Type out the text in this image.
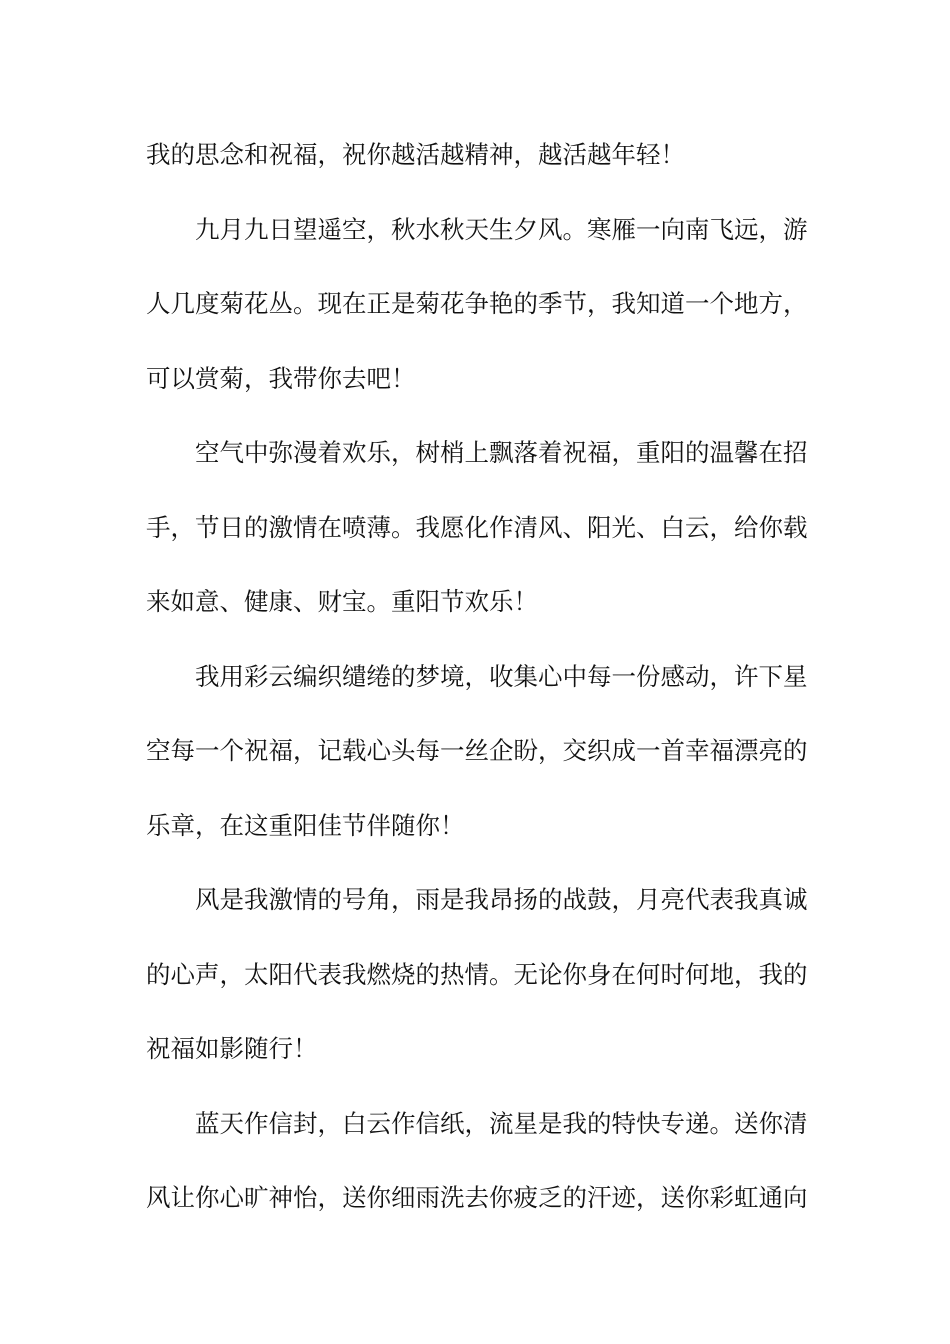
我的思念和祝福，祝你越活越精神，越活越年轻！
九月九日望遥空，秋水秋天生夕风。寒雁一向南飞远，游
人几度菊花丛。现在正是菊花争艳的季节，我知道一个地方，
可以赏菊，我带你去吧！
空气中弥漫着欢乐，树梢上飘落着祝福，重阳的温馨在招
手，节日的激情在喷薄。我愿化作清风、阳光、白云，给你载
来如意、健康、财宝。重阳节欢乐！
我用彩云编织缱绻的梦境，收集心中每一份感动，许下星
空每一个祝福，记载心头每一丝企盼，交织成一首幸福漂亮的
乐章，在这重阳佳节伴随你！
风是我激情的号角，雨是我昂扬的战鼓，月亮代表我真诚
的心声，太阳代表我燃烧的热情。无论你身在何时何地，我的
祝福如影随行！
蓝天作信封，白云作信纸，流星是我的特快专递。送你清
风让你心旷神怡，送你细雨洗去你疲乏的汗迹，送你彩虹通向
